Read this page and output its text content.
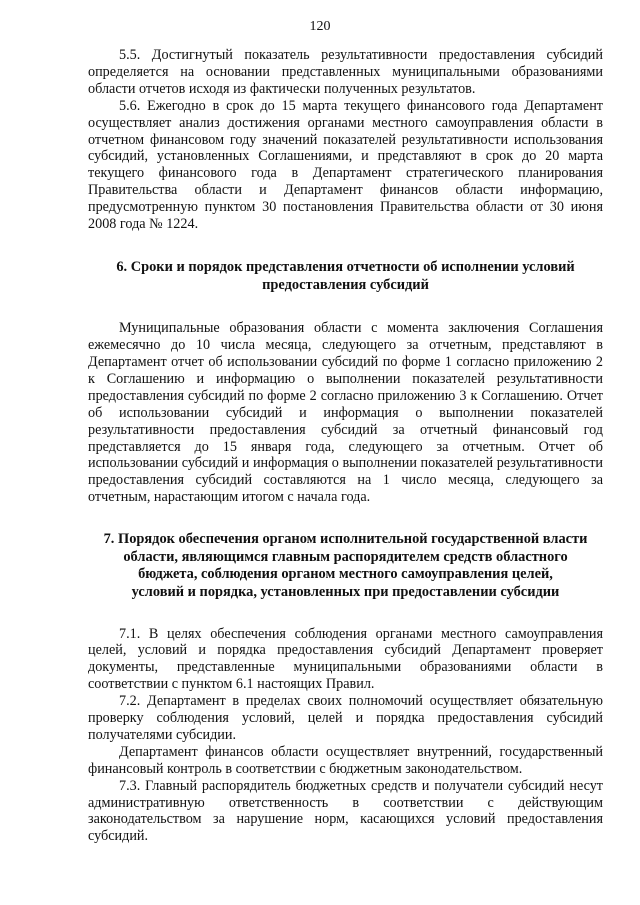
120

5.5. Достигнутый показатель результативности предоставления субсидий определяется на основании представленных муниципальными образованиями области отчетов исходя из фактически полученных результатов.

5.6. Ежегодно в срок до 15 марта текущего финансового года Департамент осуществляет анализ достижения органами местного самоуправления области в отчетном финансовом году значений показателей результативности использования субсидий, установленных Соглашениями, и представляют в срок до 20 марта текущего финансового года в Департамент стратегического планирования Правительства области и Департамент финансов области информацию, предусмотренную пунктом 30 постановления Правительства области от 30 июня 2008 года № 1224.

6. Сроки и порядок представления отчетности об исполнении условий
предоставления субсидий

Муниципальные образования области с момента заключения Соглашения ежемесячно до 10 числа месяца, следующего за отчетным, представляют в Департамент отчет об использовании субсидий по форме 1 согласно приложению 2 к Соглашению и информацию о выполнении показателей результативности предоставления субсидий по форме 2 согласно приложению 3 к Соглашению. Отчет об использовании субсидий и информация о выполнении показателей результативности предоставления субсидий за отчетный финансовый год представляется до 15 января года, следующего за отчетным. Отчет об использовании субсидий и информация о выполнении показателей результативности предоставления субсидий составляются на 1 число месяца, следующего за отчетным, нарастающим итогом с начала года.

7. Порядок обеспечения органом исполнительной государственной власти
области, являющимся главным распорядителем средств областного
бюджета, соблюдения органом местного самоуправления целей,
условий и порядка, установленных при предоставлении субсидии

7.1. В целях обеспечения соблюдения органами местного самоуправления целей, условий и порядка предоставления субсидий Департамент проверяет документы, представленные муниципальными образованиями области в соответствии с пунктом 6.1 настоящих Правил.

7.2. Департамент в пределах своих полномочий осуществляет обязательную проверку соблюдения условий, целей и порядка предоставления субсидий получателями субсидии.

Департамент финансов области осуществляет внутренний, государственный финансовый контроль в соответствии с бюджетным законодательством.

7.3. Главный распорядитель бюджетных средств и получатели субсидий несут административную ответственность в соответствии с действующим законодательством за нарушение норм, касающихся условий предоставления субсидий.
